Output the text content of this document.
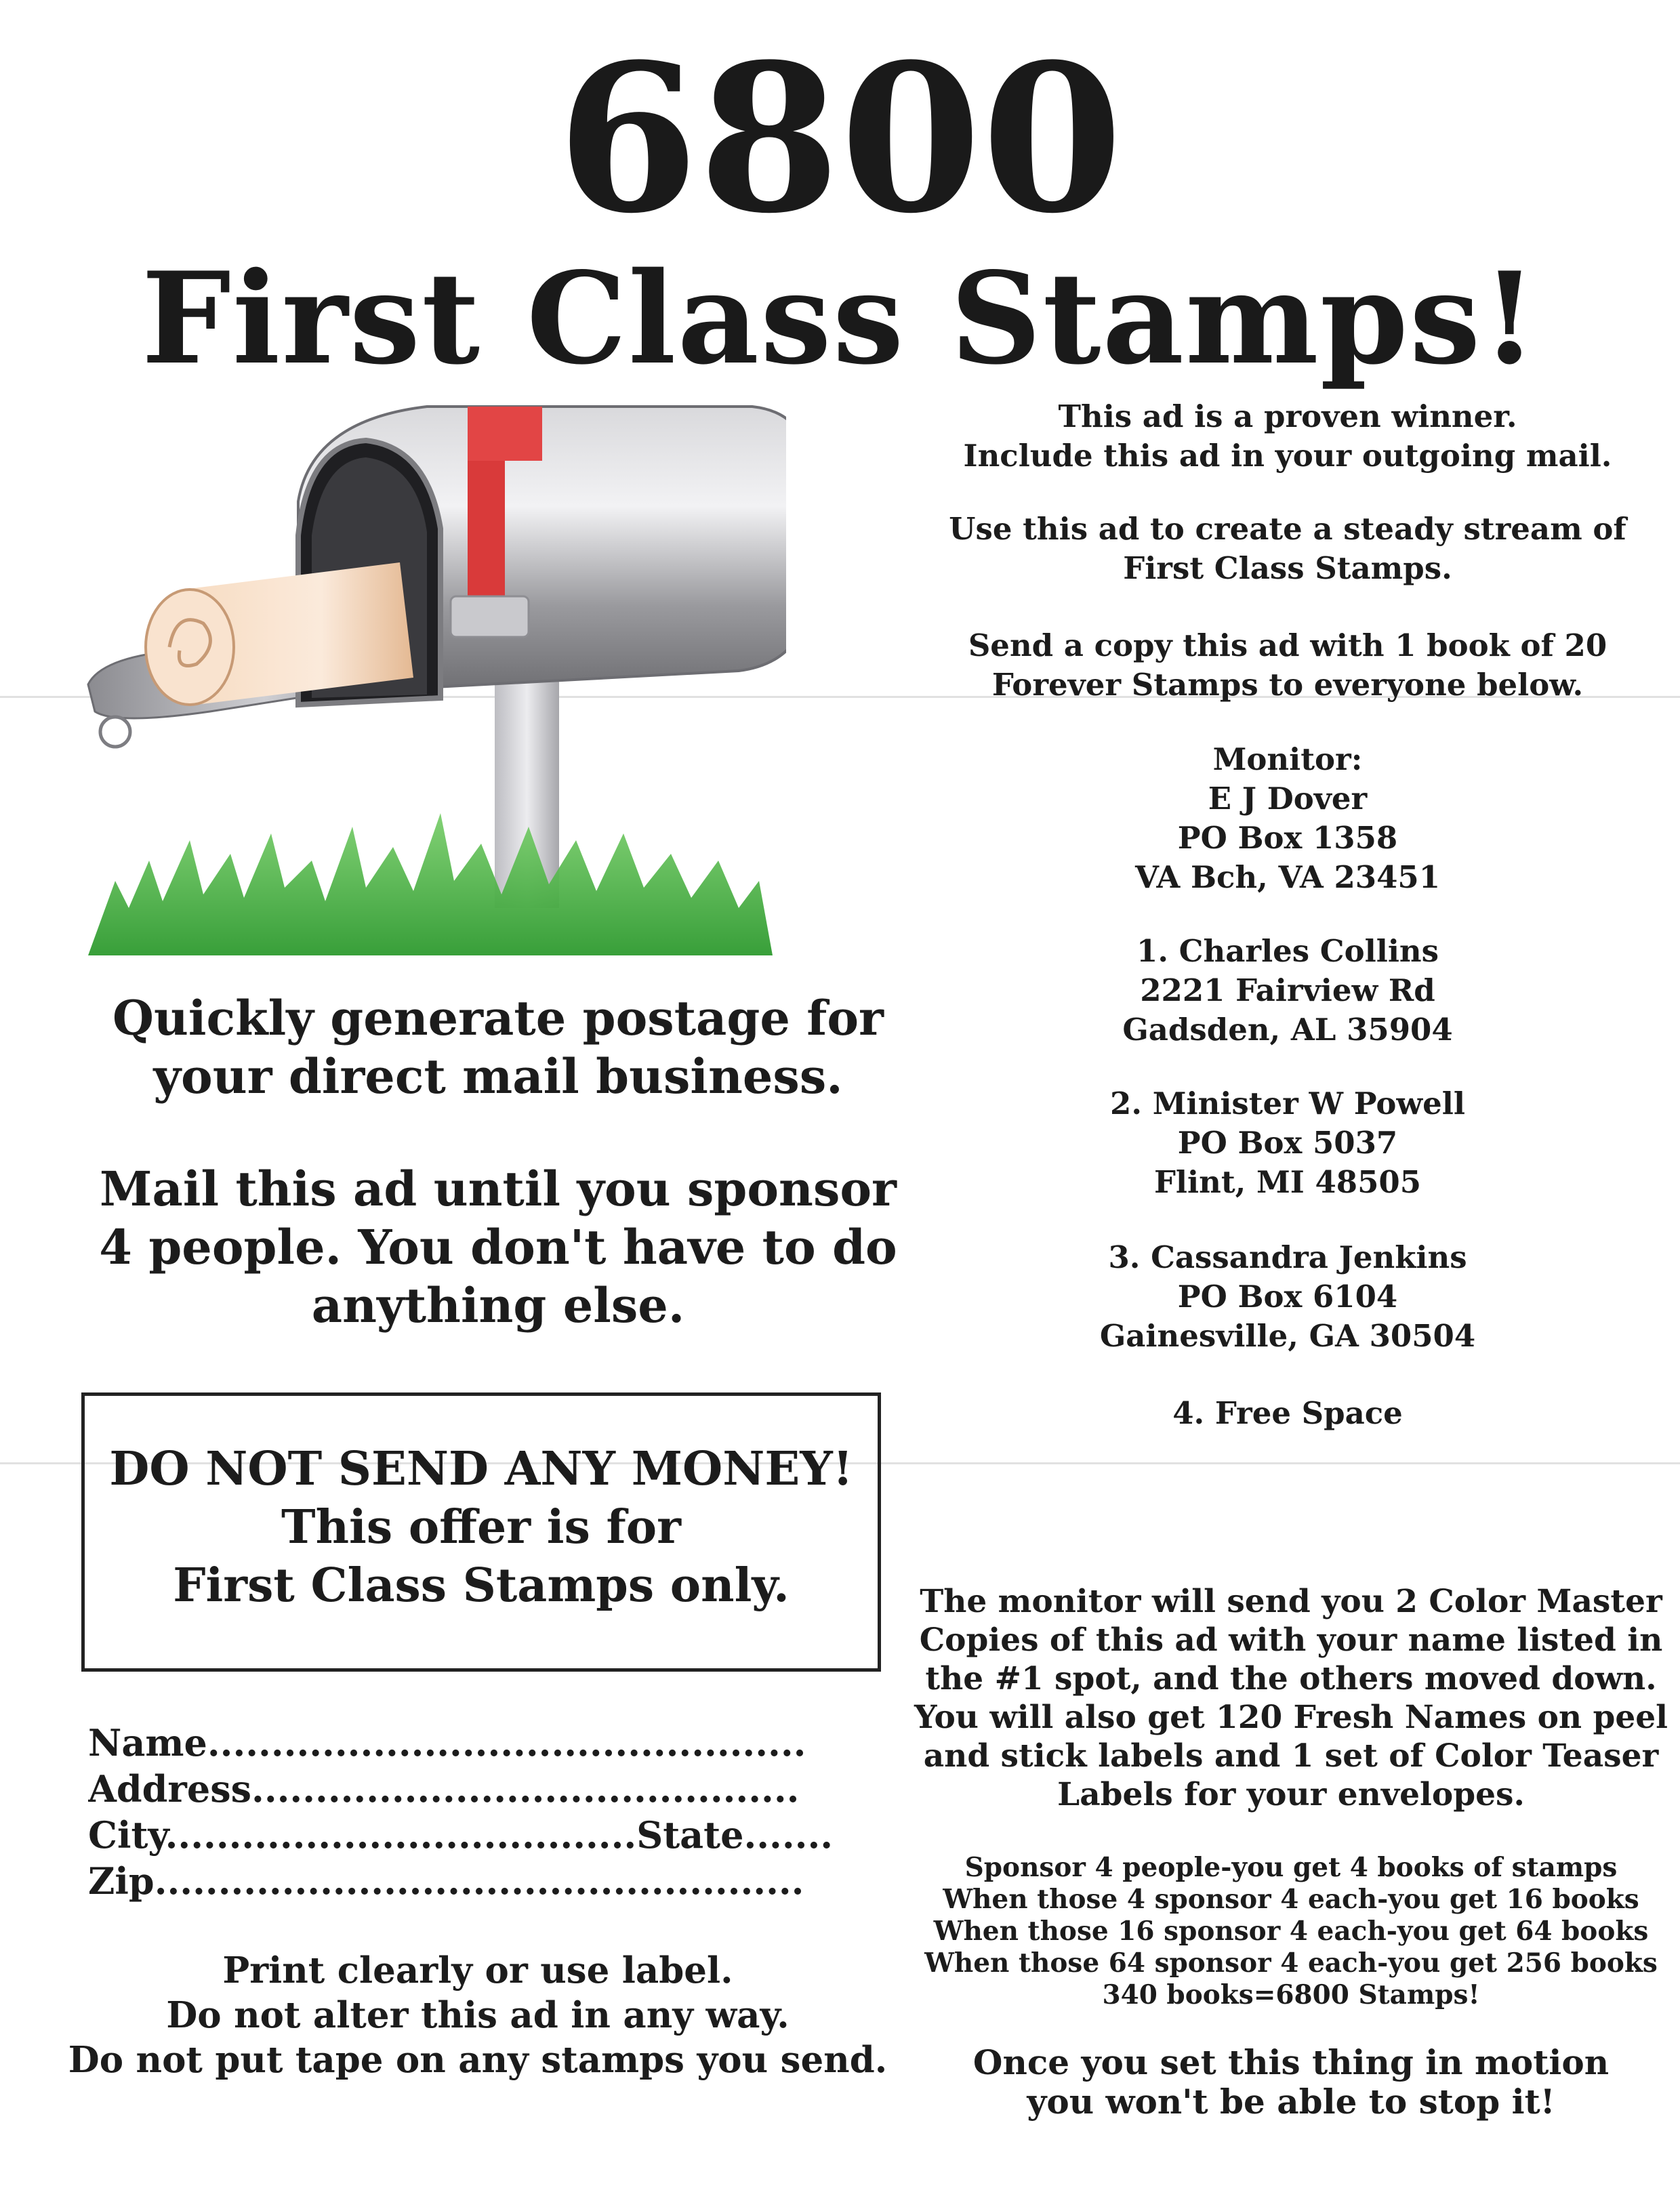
6800
First Class Stamps!

This ad is a proven winner.

Include this ad in your outgoing mail.

Use this ad to create a steady stream of

First Class Stamps.

Send a copy this ad with 1 book of 20

Forever Stamps to everyone below.

Monitor:

E J Dover

PO Box 1358

VA Bch, VA 23451

1. Charles Collins

2221 Fairview Rd

Gadsden, AL 35904

2. Minister W Powell

PO Box 5037

Flint, MI 48505

3. Cassandra Jenkins

PO Box 6104

Gainesville, GA 30504

4. Free Space

Quickly generate postage for

your direct mail business.

Mail this ad until you sponsor

4 people. You don't have to do

anything else.

DO NOT SEND ANY MONEY!

This offer is for

First Class Stamps only.

Name...............................................
Address...........................................
City.....................................State.......
Zip...................................................

Print clearly or use label.

Do not alter this ad in any way.

Do not put tape on any stamps you send.

The monitor will send you 2 Color Master Copies of this ad with your name listed in the #1 spot, and the others moved down. You will also get 120 Fresh Names on peel and stick labels and 1 set of Color Teaser Labels for your envelopes.

Sponsor 4 people-you get 4 books of stamps

When those 4 sponsor 4 each-you get 16 books

When those 16 sponsor 4 each-you get 64 books

When those 64 sponsor 4 each-you get 256 books

340 books=6800 Stamps!

Once you set this thing in motion

you won't be able to stop it!
